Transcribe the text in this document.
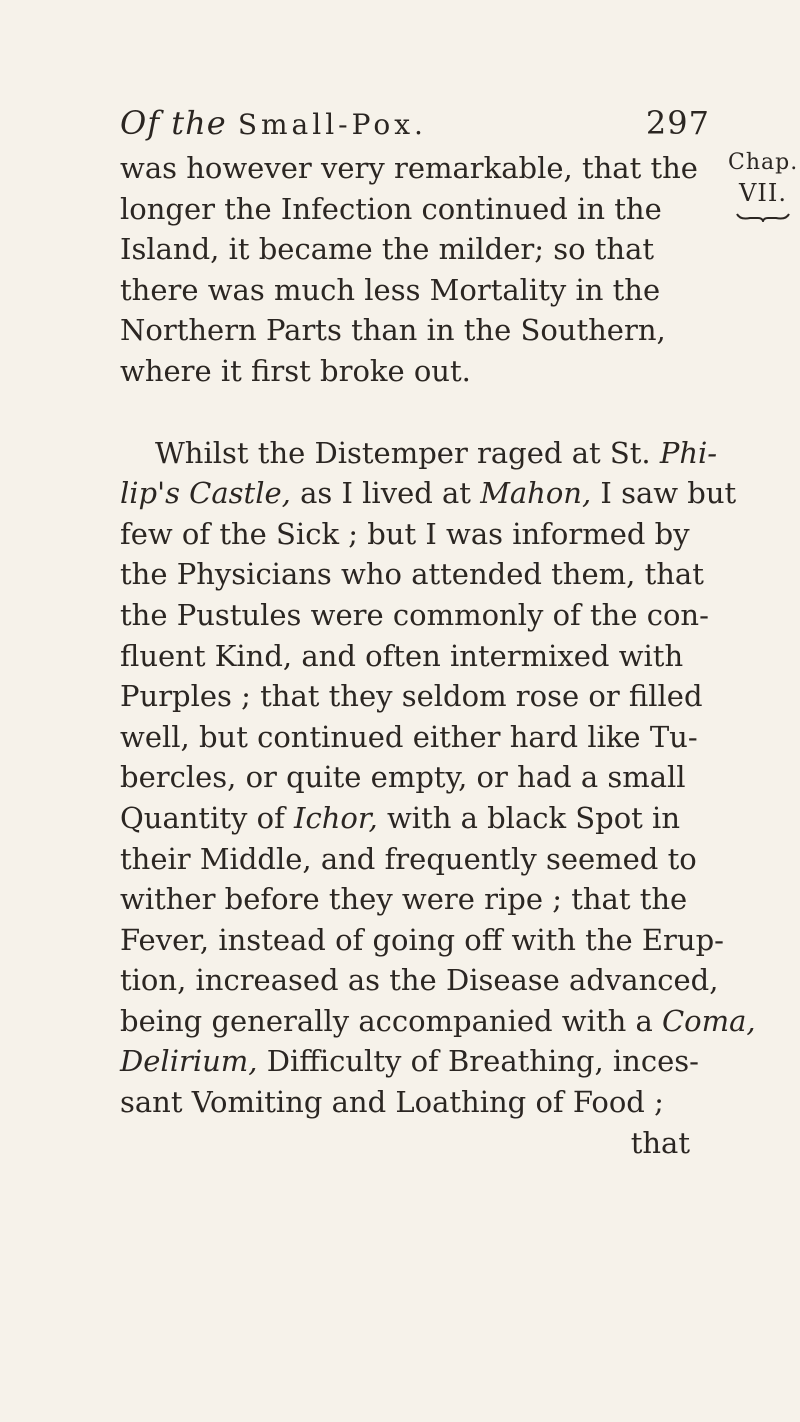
Of the Small-Pox.	297
Chap.
VII.
was however very remarkable, that the
longer the Infection continued in the
Island, it became the milder; so that
there was much less Mortality in the
Northern Parts than in the Southern,
where it first broke out.
Whilst the Distemper raged at St. Phi-
lip's Castle, as I lived at Mahon, I saw but
few of the Sick ; but I was informed by
the Physicians who attended them, that
the Pustules were commonly of the con-
fluent Kind, and often intermixed with
Purples ; that they seldom rose or filled
well, but continued either hard like Tu-
bercles, or quite empty, or had a small
Quantity of Ichor, with a black Spot in
their Middle, and frequently seemed to
wither before they were ripe ; that the
Fever, instead of going off with the Erup-
tion, increased as the Disease advanced,
being generally accompanied with a Coma,
Delirium, Difficulty of Breathing, inces-
sant Vomiting and Loathing of Food ;
that
